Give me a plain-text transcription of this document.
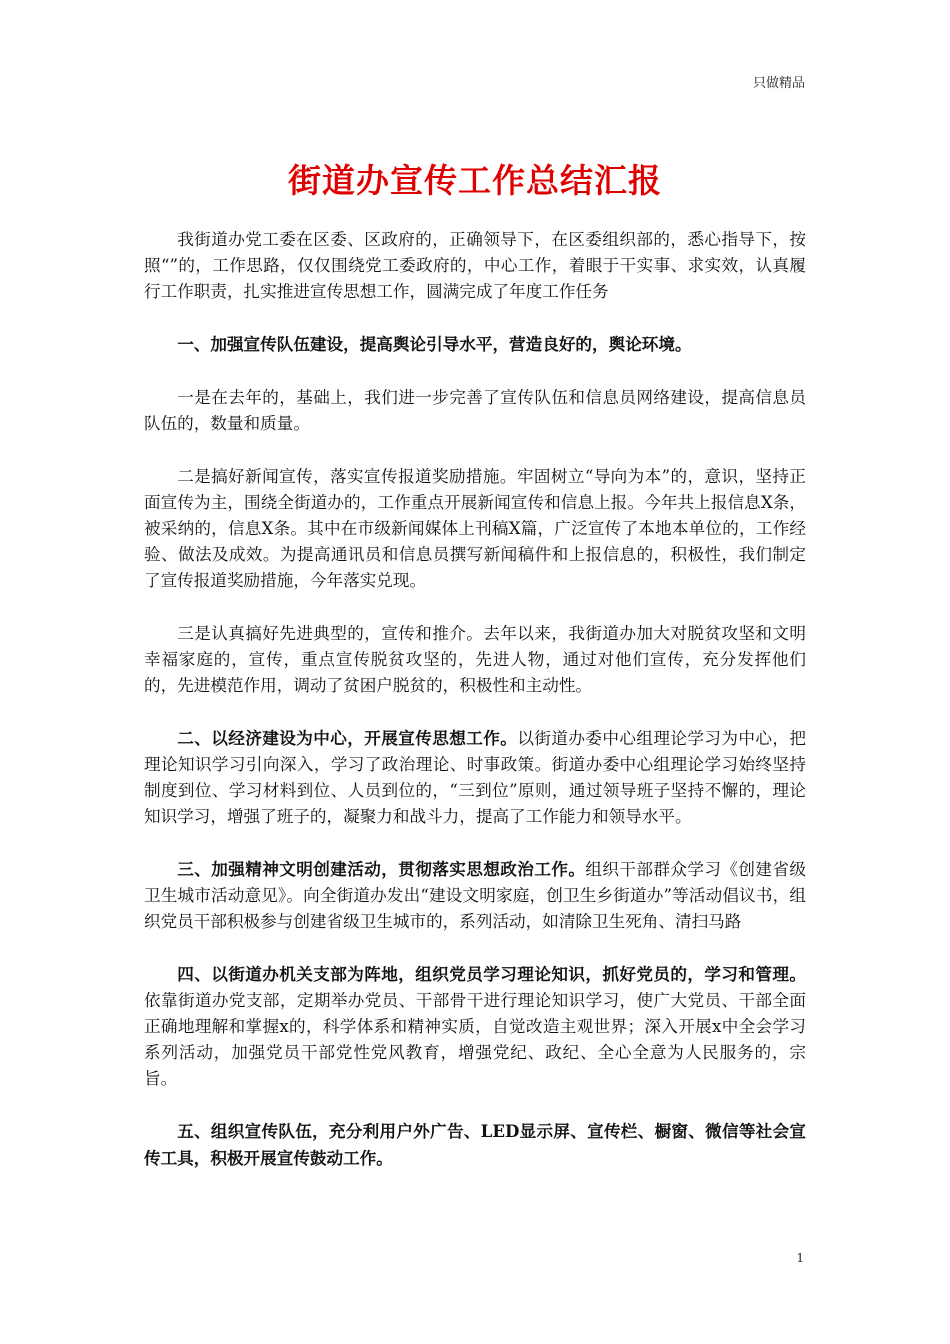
只做精品
街道办宣传工作总结汇报

我街道办党工委在区委、区政府的，正确领导下，在区委组织部的，悉心指导下，按照“”的，工作思路，仅仅围绕党工委政府的，中心工作，着眼于干实事、求实效，认真履行工作职责，扎实推进宣传思想工作，圆满完成了年度工作任务

一、加强宣传队伍建设，提高舆论引导水平，营造良好的，舆论环境。

一是在去年的，基础上，我们进一步完善了宣传队伍和信息员网络建设，提高信息员队伍的，数量和质量。

二是搞好新闻宣传，落实宣传报道奖励措施。牢固树立“导向为本”的，意识，坚持正面宣传为主，围绕全街道办的，工作重点开展新闻宣传和信息上报。今年共上报信息X条，被采纳的，信息X条。其中在市级新闻媒体上刊稿X篇，广泛宣传了本地本单位的，工作经验、做法及成效。为提高通讯员和信息员撰写新闻稿件和上报信息的，积极性，我们制定了宣传报道奖励措施，今年落实兑现。

三是认真搞好先进典型的，宣传和推介。去年以来，我街道办加大对脱贫攻坚和文明幸福家庭的，宣传，重点宣传脱贫攻坚的，先进人物，通过对他们宣传，充分发挥他们的，先进模范作用，调动了贫困户脱贫的，积极性和主动性。

二、以经济建设为中心，开展宣传思想工作。以街道办委中心组理论学习为中心，把理论知识学习引向深入，学习了政治理论、时事政策。街道办委中心组理论学习始终坚持制度到位、学习材料到位、人员到位的，“三到位”原则，通过领导班子坚持不懈的，理论知识学习，增强了班子的，凝聚力和战斗力，提高了工作能力和领导水平。

三、加强精神文明创建活动，贯彻落实思想政治工作。组织干部群众学习《创建省级卫生城市活动意见》。向全街道办发出“建设文明家庭，创卫生乡街道办”等活动倡议书，组织党员干部积极参与创建省级卫生城市的，系列活动，如清除卫生死角、清扫马路

四、以街道办机关支部为阵地，组织党员学习理论知识，抓好党员的，学习和管理。依靠街道办党支部，定期举办党员、干部骨干进行理论知识学习，使广大党员、干部全面正确地理解和掌握x的，科学体系和精神实质，自觉改造主观世界；深入开展x中全会学习系列活动，加强党员干部党性党风教育，增强党纪、政纪、全心全意为人民服务的，宗旨。

五、组织宣传队伍，充分利用户外广告、LED显示屏、宣传栏、橱窗、微信等社会宣传工具，积极开展宣传鼓动工作。

1
